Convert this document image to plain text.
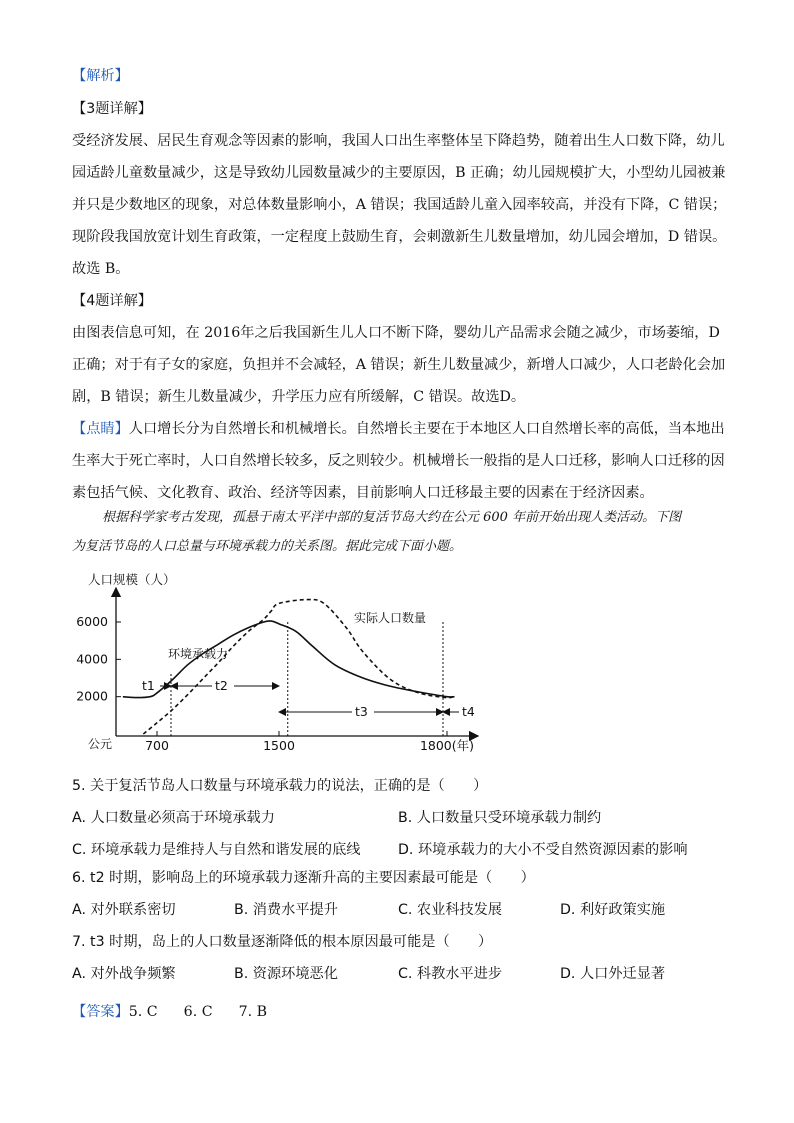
【解析】
【3题详解】
受经济发展、居民生育观念等因素的影响，我国人口出生率整体呈下降趋势，随着出生人口数下降，幼儿
园适龄儿童数量减少，这是导致幼儿园数量减少的主要原因，B 正确；幼儿园规模扩大，小型幼儿园被兼
并只是少数地区的现象，对总体数量影响小，A 错误；我国适龄儿童入园率较高，并没有下降，C 错误；
现阶段我国放宽计划生育政策，一定程度上鼓励生育，会刺激新生儿数量增加，幼儿园会增加，D 错误。
故选 B。
【4题详解】
由图表信息可知，在 2016年之后我国新生儿人口不断下降，婴幼儿产品需求会随之减少，市场萎缩，D
正确；对于有子女的家庭，负担并不会减轻，A 错误；新生儿数量减少，新增人口减少，人口老龄化会加
剧，B 错误；新生儿数量减少，升学压力应有所缓解，C 错误。故选D。
【点睛】人口增长分为自然增长和机械增长。自然增长主要在于本地区人口自然增长率的高低，当本地出
生率大于死亡率时，人口自然增长较多，反之则较少。机械增长一般指的是人口迁移，影响人口迁移的因
素包括气候、文化教育、政治、经济等因素，目前影响人口迁移最主要的因素在于经济因素。
根据科学家考古发现，孤悬于南太平洋中部的复活节岛大约在公元 600 年前开始出现人类活动。下图
为复活节岛的人口总量与环境承载力的关系图。据此完成下面小题。
人口规模（人）
公元
2000
4000
6000
700	1500	1800(年)
环境承载力
实际人口数量
t1	t2
t3	t4
5. 关于复活节岛人口数量与环境承载力的说法，正确的是（　　）
A. 人口数量必须高于环境承载力	B. 人口数量只受环境承载力制约
C. 环境承载力是维持人与自然和谐发展的底线	D. 环境承载力的大小不受自然资源因素的影响
6. t2 时期，影响岛上的环境承载力逐渐升高的主要因素最可能是（　　）
A. 对外联系密切	B. 消费水平提升	C. 农业科技发展	D. 利好政策实施
7. t3 时期，岛上的人口数量逐渐降低的根本原因最可能是（　　）
A. 对外战争频繁	B. 资源环境恶化	C. 科教水平进步	D. 人口外迁显著
【答案】5. C 6. C 7. B
